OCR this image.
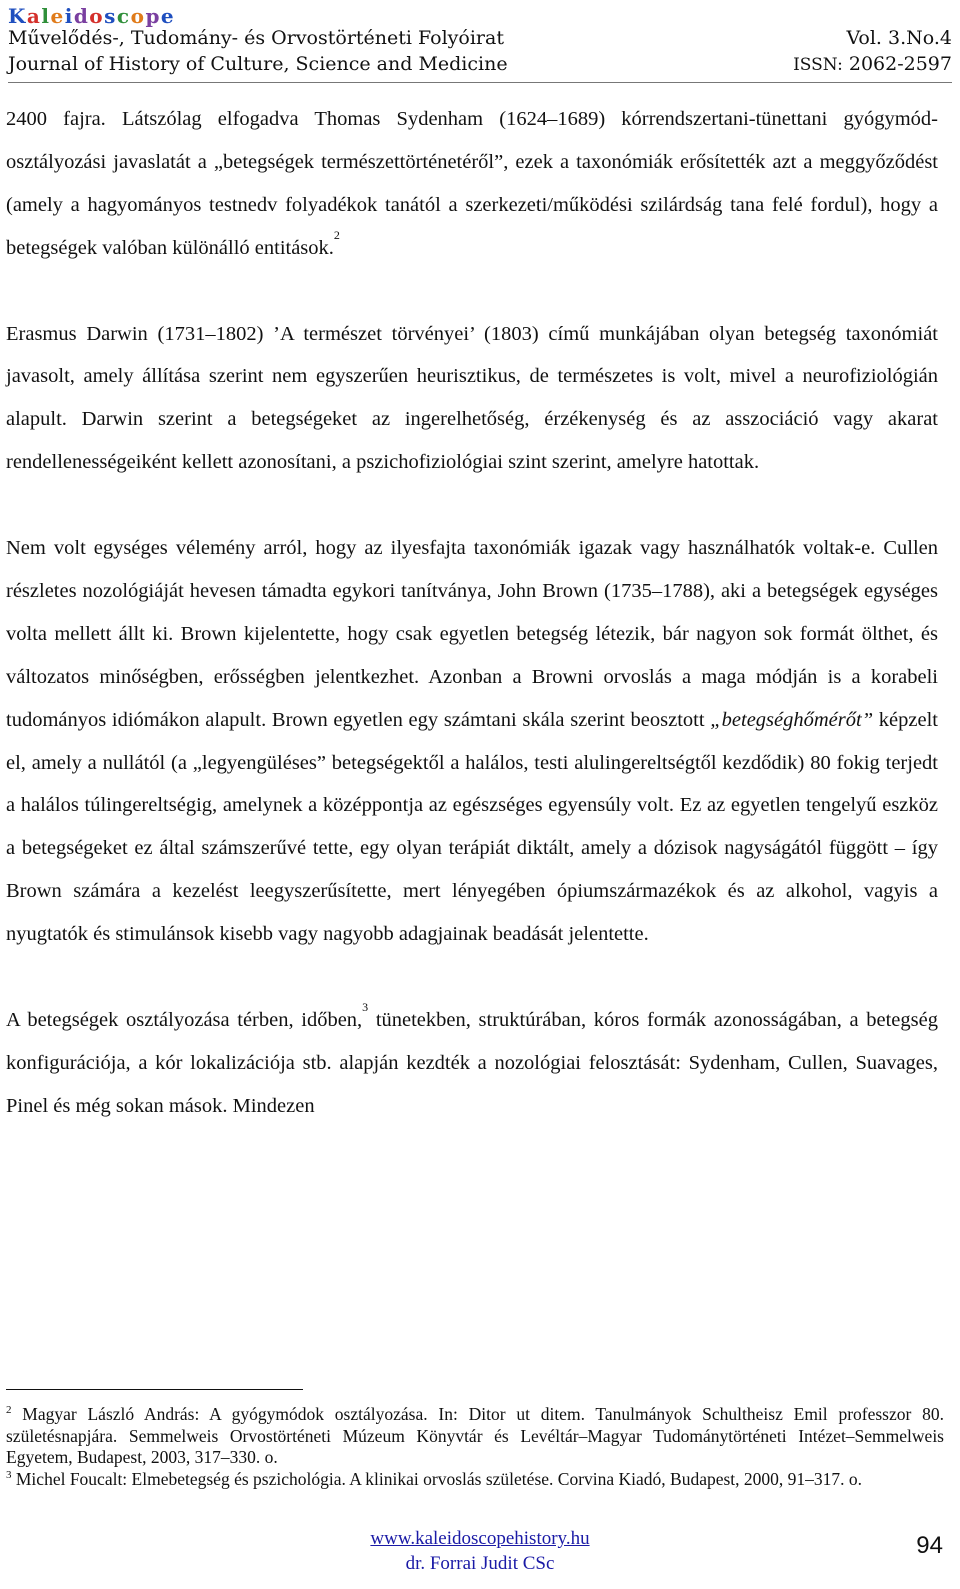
Kaleidoscope
Művelődés-, Tudomány- és Orvostörténeti Folyóirat
Journal of History of Culture, Science and Medicine
Vol. 3.No.4
ISSN: 2062-2597

2400 fajra. Látszólag elfogadva Thomas Sydenham (1624–1689) kórrendszertani-tünettani gyógymód-osztályozási javaslatát a „betegségek természettörténetéről”, ezek a taxonómiák erősítették azt a meggyőződést (amely a hagyományos testnedv folyadékok tanától a szerkezeti/működési szilárdság tana felé fordul), hogy a betegségek valóban különálló entitások.$^2$

Erasmus Darwin (1731–1802) ’A természet törvényei’ (1803) című munkájában olyan betegség taxonómiát javasolt, amely állítása szerint nem egyszerűen heurisztikus, de természetes is volt, mivel a neurofiziológián alapult. Darwin szerint a betegségeket az ingerelhetőség, érzékenység és az asszociáció vagy akarat rendellenességeiként kellett azonosítani, a pszichofiziológiai szint szerint, amelyre hatottak.

Nem volt egységes vélemény arról, hogy az ilyesfajta taxonómiák igazak vagy használhatók voltak-e. Cullen részletes nozológiáját hevesen támadta egykori tanítványa, John Brown (1735–1788), aki a betegségek egységes volta mellett állt ki. Brown kijelentette, hogy csak egyetlen betegség létezik, bár nagyon sok formát ölthet, és változatos minőségben, erősségben jelentkezhet. Azonban a Browni orvoslás a maga módján is a korabeli tudományos idiómákon alapult. Brown egyetlen egy számtani skála szerint beosztott „betegséghőmérőt” képzelt el, amely a nullától (a „legyengüléses” betegségektől a halálos, testi alulingereltségtől kezdődik) 80 fokig terjedt a halálos túlingereltségig, amelynek a középpontja az egészséges egyensúly volt. Ez az egyetlen tengelyű eszköz a betegségeket ez által számszerűvé tette, egy olyan terápiát diktált, amely a dózisok nagyságától függött – így Brown számára a kezelést leegyszerűsítette, mert lényegében ópiumszármazékok és az alkohol, vagyis a nyugtatók és stimulánsok kisebb vagy nagyobb adagjainak beadását jelentette.

A betegségek osztályozása térben, időben,$^3$ tünetekben, struktúrában, kóros formák azonosságában, a betegség konfigurációja, a kór lokalizációja stb. alapján kezdték a nozológiai felosztását: Sydenham, Cullen, Suavages, Pinel és még sokan mások. Mindezen

$^2$ Magyar László András: A gyógymódok osztályozása. In: Ditor ut ditem. Tanulmányok Schultheisz Emil professzor 80. születésnapjára. Semmelweis Orvostörténeti Múzeum Könyvtár és Levéltár–Magyar Tudománytörténeti Intézet–Semmelweis Egyetem, Budapest, 2003, 317–330. o.

$^3$ Michel Foucalt: Elmebetegség és pszichológia. A klinikai orvoslás születése. Corvina Kiadó, Budapest, 2000, 91–317. o.

www.kaleidoscopehistory.hu
dr. Forrai Judit CSc
94
